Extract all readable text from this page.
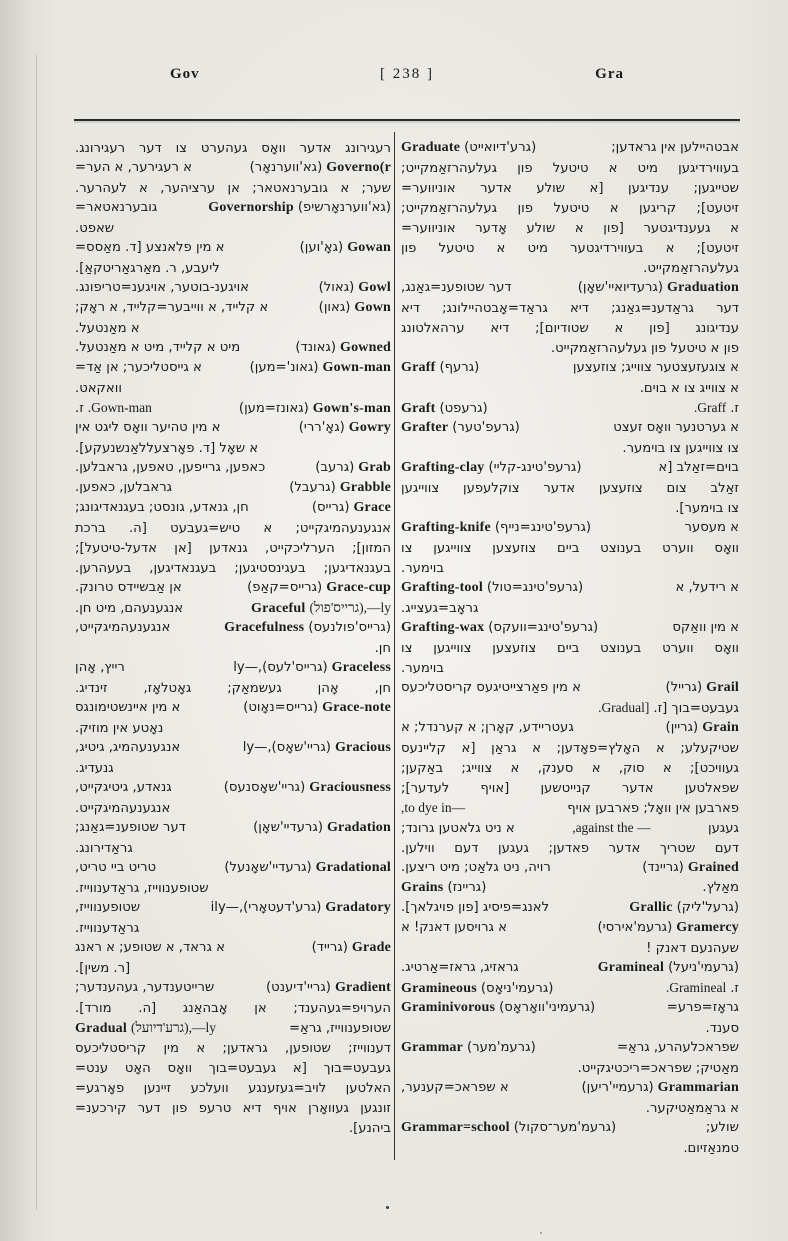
Gov	[ 238 ]	Gra
רעגירונג אדער וואָס געהערט צו דער רעגירונג.
א רעגירער, א הער=	(גא'ווערנאָר) Governo(r
שער; א גובערנאטאר; אן ערציהער, א לעהרער.
גובערנאטאר=	Governorship (גא'ווערנאָרשיפ)
שאפט.
א מין פלאנצע [ד. מאַסס=	(גאָ'וען) Gowan
ליעבע, ר. מאַרגאַריטקאַ].
אויגענ-בוטער, אויגענ=טריפונג.	(גאול) Gowl
א קלייד, א ווייבער=קלייד, א ראָק;	(גאון) Gown
א מאַנטעל.
מיט א קלייד, מיט א מאַנטעל.	(גאונד) Gowned
א גייסטליכער; אן אַד=	(גאונ'=מען) Gown-man
וואקאט.
ז. .Gown-man	(גאונז=מען) Gown's-man
א מין טהיער וואָס ליגט אין	(גאָ'ררי) Gowry
א שאָל [ד. פאָרצעללאַנשנעקע].
כאפען, גרייפען, טאפען, גראבלען.	(גרעב) Grab
גראבלען, כאפען.	(גרעבל) Grabble
חן, גנאדע, גונסט; בעגנאדיגונג;	(גרייס) Grace
אנגענעהמיגקייט; א טיש=געבעט [ה. ברכת
המזון]; הערליכקייט, גנאדען [אן אדעל-טיטעל];
בעגנאדיגען; בעגינסטיגען; בעגנאדיגען, בעעהרען.
אן אַבשיידס טרונק.	(גרייס=קאַפ) Grace-cup
אנגענעהם, מיט חן.	Graceful (גרייס'פול),—ly
אנגענעהמיגקייט,	Gracefulness (גרייס'פולנעס)
חן.
רייץ, אָהן	(גרייס'לעס),—ly Graceless
חן, אָהן געשמאַק; גאָטלאָז, זינדיג.
א מין איינשטימונגס	(גרייס=נאָוט) Grace-note
נאָטע אין מוזיק.
אנגענעהמיג, גיטיג,	(גריי'שאָס),—ly Gracious
גנעדיג.
גנאדע, גיטיגקייט,	(גריי'שאָסנעס) Graciousness
אנגענעהמיגקייט.
דער שטופענ=גאַנג;	(גרעדיי'שאָן) Gradation
גראַדירונג.
טריט ביי טריט,	(גרעדיי'שאָנעל) Gradational
שטופענווייז, גראַדענווייז.
שטופענווייז,	(גרע'דעטאָרי),—ily Gradatory
גראַדענווייז.
א גראד, א שטופע; א ראנג	(גרייד) Grade
[ר. משין].
שרייטענדער, געהענדער;	(גריי'דיענט) Gradient
הערויפ=געהענד; אן אָבהאַנג [ה. מורד].
Gradual (גרע'דיועל),—ly	שטופענווייז, גראַ=
דענווייז; שטופען, גראדען; א מין קריסטליכעס
געבעט=בוך [א געבעט=בוך וואָס האָט ענט=
האלטען לויב=געזענגע וועלכע זיינען פאָרגע=
זונגען געוואָרן אויף דיא טרעפ פון דער קירכענ=
ביהנע].
Graduate (גרע'דיואייט)	אבטהיילען אין גראדען;
בעווירדיגען מיט א טיטעל פון געלעהרזאַמקייט;
שטייגען; ענדיגען [א שולע אדער אוניווער=
זיטעט]; קריגען א טיטעל פון געלעהרזאַמקייט;
א געענדיגטער [פון א שולע אָדער אוניווער=
זיטעט]; א בעווירדיגטער מיט א טיטעל פון
געלעהרזאַמקייט.
דער שטופענ=גאַנג,	(גרעדיואיי'שאָן) Graduation
דער גראַדענ=גאַנג; דיא גראַד=אָבטהיילונג; דיא
ענדיגונג [פון א שטודיום]; דיא ערהאלטונג
פון א טיטעל פון געלעהרזאַמקייט.
Graff (גרעף)	א צוגעזעצטער צווייג; צוזעצען
א צווייג צו א בוים.
Graft (גרעפט)	.Graff ז.
Grafter (גרעפ'טער)	א גערטנער וואָס זעצט
צו צווייגען צו בוימער.
Grafting-clay (גרעפ'טינג-קליי)	בוים=זאַלב [א
זאַלב צום צוזעצען אדער צוקלעפען צווייגען
צו בוימער].
Grafting-knife (גרעפ'טינג=נייף)	א מעסער
וואָס ווערט בענוצט ביים צוזעצען צווייגען צו
בוימער.
Grafting-tool (גרעפ'טינג=טול)	א רידעל, א
גראָב=געצייג.
Grafting-wax (גרעפ'טינג=וועקס)	א מין וואַקס
וואָס ווערט בענוצט ביים צוזעצען צווייגען צו
בוימער.
א מין פאַרצייטיגעס קריסטליכעס	(גרייל) Grail
געבעט=בוך [ז..Gradual]
געטריידע, קאָרן; א קערנדל; א	(גריין) Grain
שטיקעלע; א האָלץ=פאָדען; א גראַן [א קליינעס
געוויכט]; א סוק, א סענק, א צווייג; באַקען;
שפאלטען אדער קנייטשען [אויף לעדער];
,to dye in—	פארבען אין וואָל; פארבען אויף
א ניט גלאטען גרונד;	,against the —	געגען
דעם שטריך אדער פאדען; געגען דעם ווילען.
רויה, ניט גלאַט; מיט ריצען.	(גריינד) Grained
Grains (גריינז)	מאַלץ.
לאנג=פיסיג [פון פויגלאך].	Grallic (גרעל'ליק)
א גרויסען דאנק! א	(גרעמ'אירסי) Gramercy
שעהנעם דאנק !
גראזיג, גראז=אַרטיג.	Gramineal (גרעמי'ניעל)
Gramineous (גרעמי'ניאָס)	.Gramineal ז.
Graminivorous (גרעמיני'וואָראָס)	גראָז=פרע=
סענד.
Grammar (גרעמ'מער)	שפראכלעהרע, גראַ=
מאַטיק; שפראכ=ריכטיגקייט.
א שפראכ=קענער,	(גרעמיי'ריען) Grammarian
א גראַמאַטיקער.
Grammar=school (גרעמ'מער־סקול)	שולע;
טמנאַזיום.
